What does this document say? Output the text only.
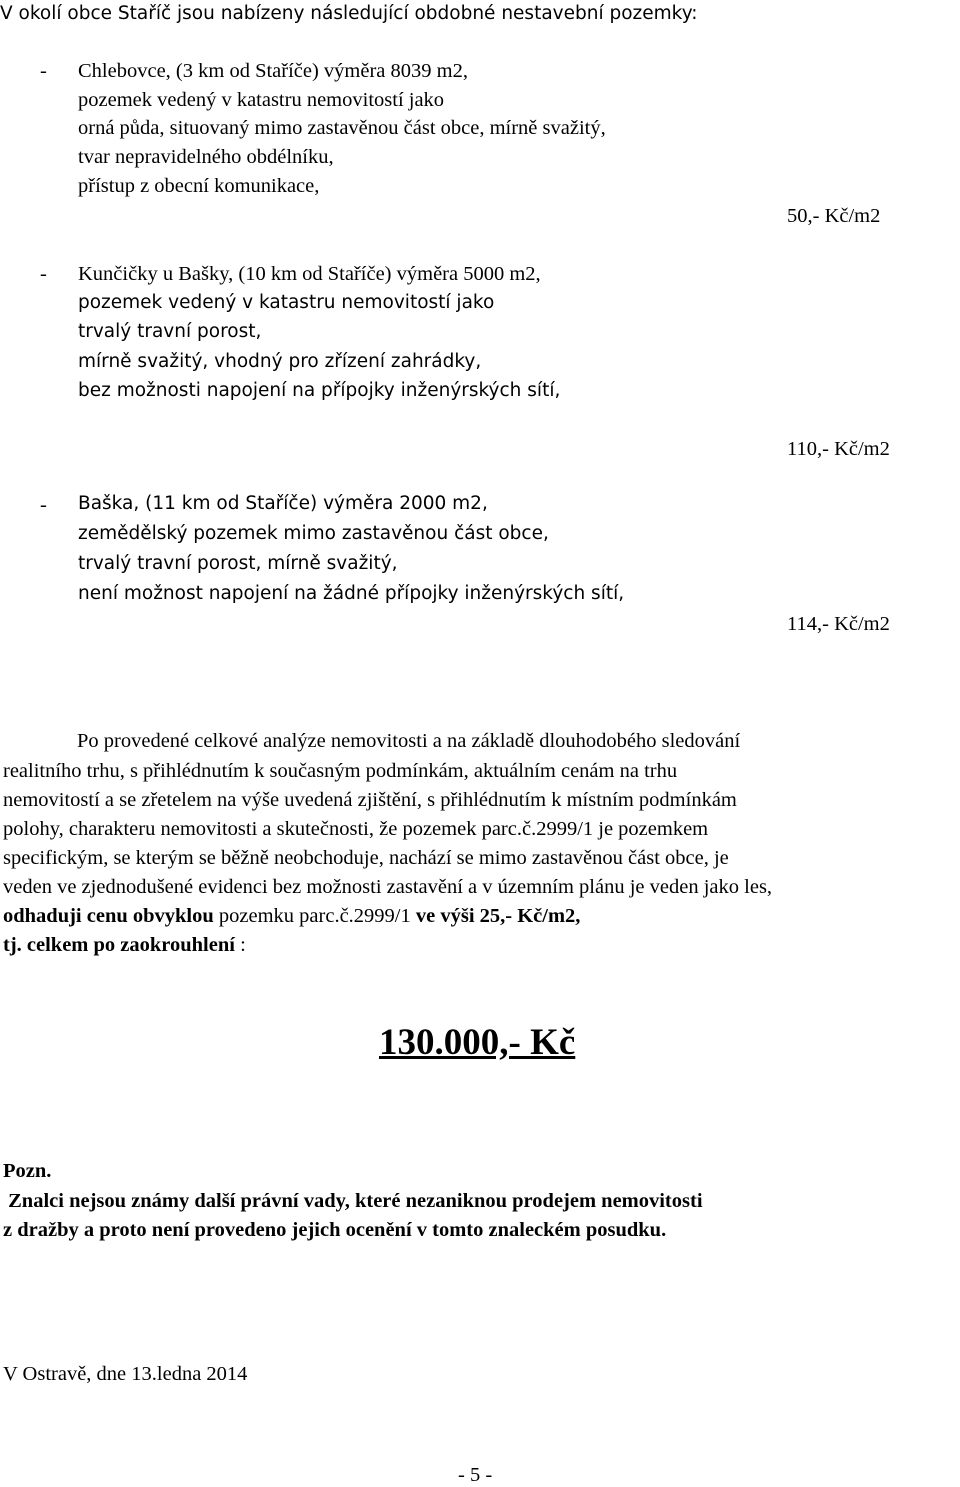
V okolí obce Staříč jsou nabízeny následující obdobné nestavební pozemky:
- Chlebovce, (3 km od Staříče) výměra 8039 m2,
pozemek vedený v katastru nemovitostí jako
orná půda, situovaný mimo zastavěnou část obce, mírně svažitý,
tvar nepravidelného obdélníku,
přístup z obecní komunikace,
50,- Kč/m2
- Kunčičky u Bašky, (10 km od Staříče) výměra 5000 m2,
pozemek vedený v katastru nemovitostí jako
trvalý travní porost,
mírně svažitý, vhodný pro zřízení zahrádky,
bez možnosti napojení na přípojky inženýrských sítí,
110,- Kč/m2
- Baška, (11 km od Staříče) výměra 2000 m2,
zemědělský pozemek mimo zastavěnou část obce,
trvalý travní porost, mírně svažitý,
není možnost napojení na žádné přípojky inženýrských sítí,
114,- Kč/m2
Po provedené celkové analýze nemovitosti a na základě dlouhodobého sledování
realitního trhu, s přihlédnutím k současným podmínkám, aktuálním cenám na trhu
nemovitostí a se zřetelem na výše uvedená zjištění, s přihlédnutím k místním podmínkám
polohy, charakteru nemovitosti a skutečnosti, že pozemek parc.č.2999/1 je pozemkem
specifickým, se kterým se běžně neobchoduje, nachází se mimo zastavěnou část obce, je
veden ve zjednodušené evidenci bez možnosti zastavění a v územním plánu je veden jako les,
odhaduji cenu obvyklou pozemku parc.č.2999/1 ve výši 25,- Kč/m2,
tj. celkem po zaokrouhlení :
130.000,- Kč
Pozn.
Znalci nejsou známy další právní vady, které nezaniknou prodejem nemovitosti
z dražby a proto není provedeno jejich ocenění v tomto znaleckém posudku.
V Ostravě, dne 13.ledna 2014
- 5 -
